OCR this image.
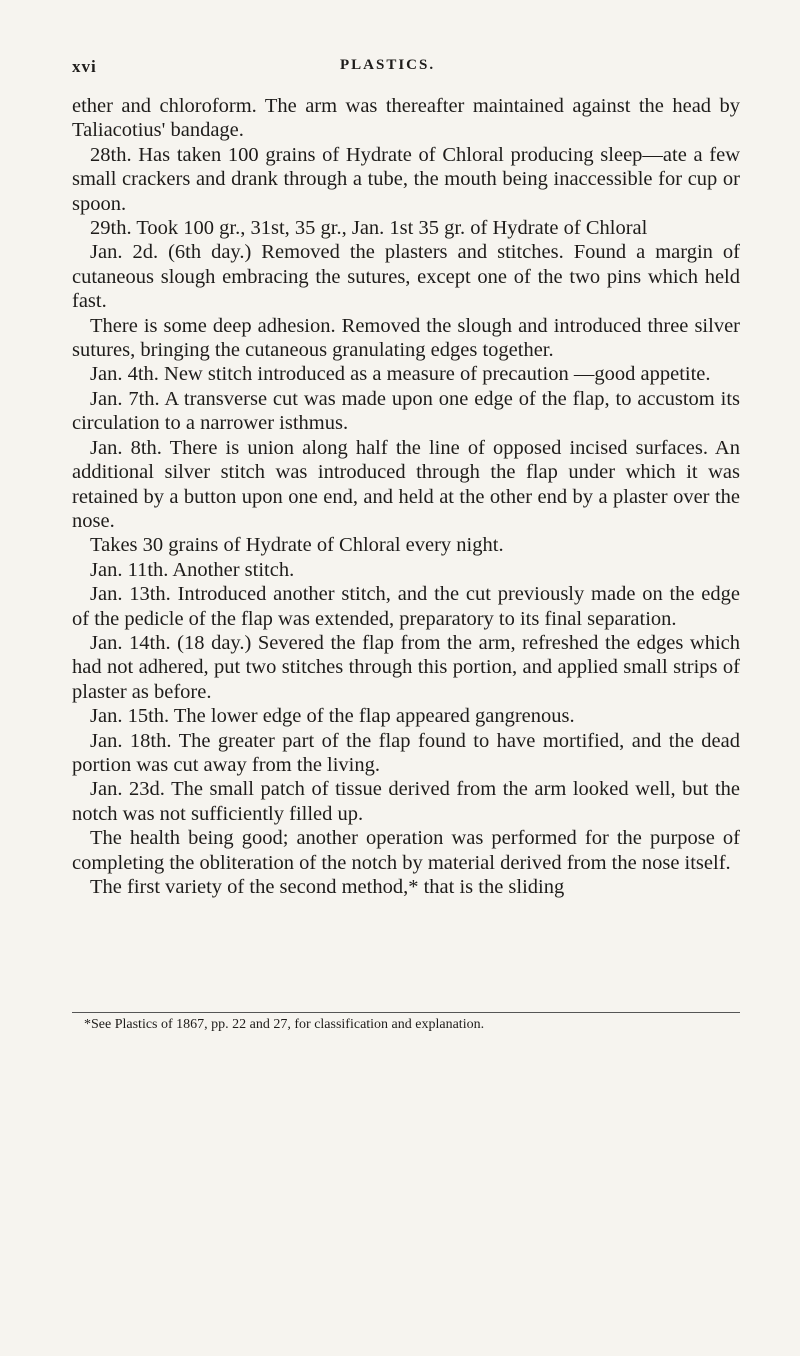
xvi	PLASTICS.

ether and chloroform. The arm was thereafter maintained against the head by Taliacotius' bandage.

28th. Has taken 100 grains of Hydrate of Chloral producing sleep—ate a few small crackers and drank through a tube, the mouth being inaccessible for cup or spoon.

29th. Took 100 gr., 31st, 35 gr., Jan. 1st 35 gr. of Hydrate of Chloral

Jan. 2d. (6th day.) Removed the plasters and stitches. Found a margin of cutaneous slough embracing the sutures, except one of the two pins which held fast.

There is some deep adhesion. Removed the slough and introduced three silver sutures, bringing the cutaneous granulating edges together.

Jan. 4th. New stitch introduced as a measure of precaution —good appetite.

Jan. 7th. A transverse cut was made upon one edge of the flap, to accustom its circulation to a narrower isthmus.

Jan. 8th. There is union along half the line of opposed incised surfaces. An additional silver stitch was introduced through the flap under which it was retained by a button upon one end, and held at the other end by a plaster over the nose.

Takes 30 grains of Hydrate of Chloral every night.

Jan. 11th. Another stitch.

Jan. 13th. Introduced another stitch, and the cut previously made on the edge of the pedicle of the flap was extended, preparatory to its final separation.

Jan. 14th. (18 day.) Severed the flap from the arm, refreshed the edges which had not adhered, put two stitches through this portion, and applied small strips of plaster as before.

Jan. 15th. The lower edge of the flap appeared gangrenous.

Jan. 18th. The greater part of the flap found to have mortified, and the dead portion was cut away from the living.

Jan. 23d. The small patch of tissue derived from the arm looked well, but the notch was not sufficiently filled up.

The health being good; another operation was performed for the purpose of completing the obliteration of the notch by material derived from the nose itself.

The first variety of the second method,* that is the sliding

*See Plastics of 1867, pp. 22 and 27, for classification and explanation.
